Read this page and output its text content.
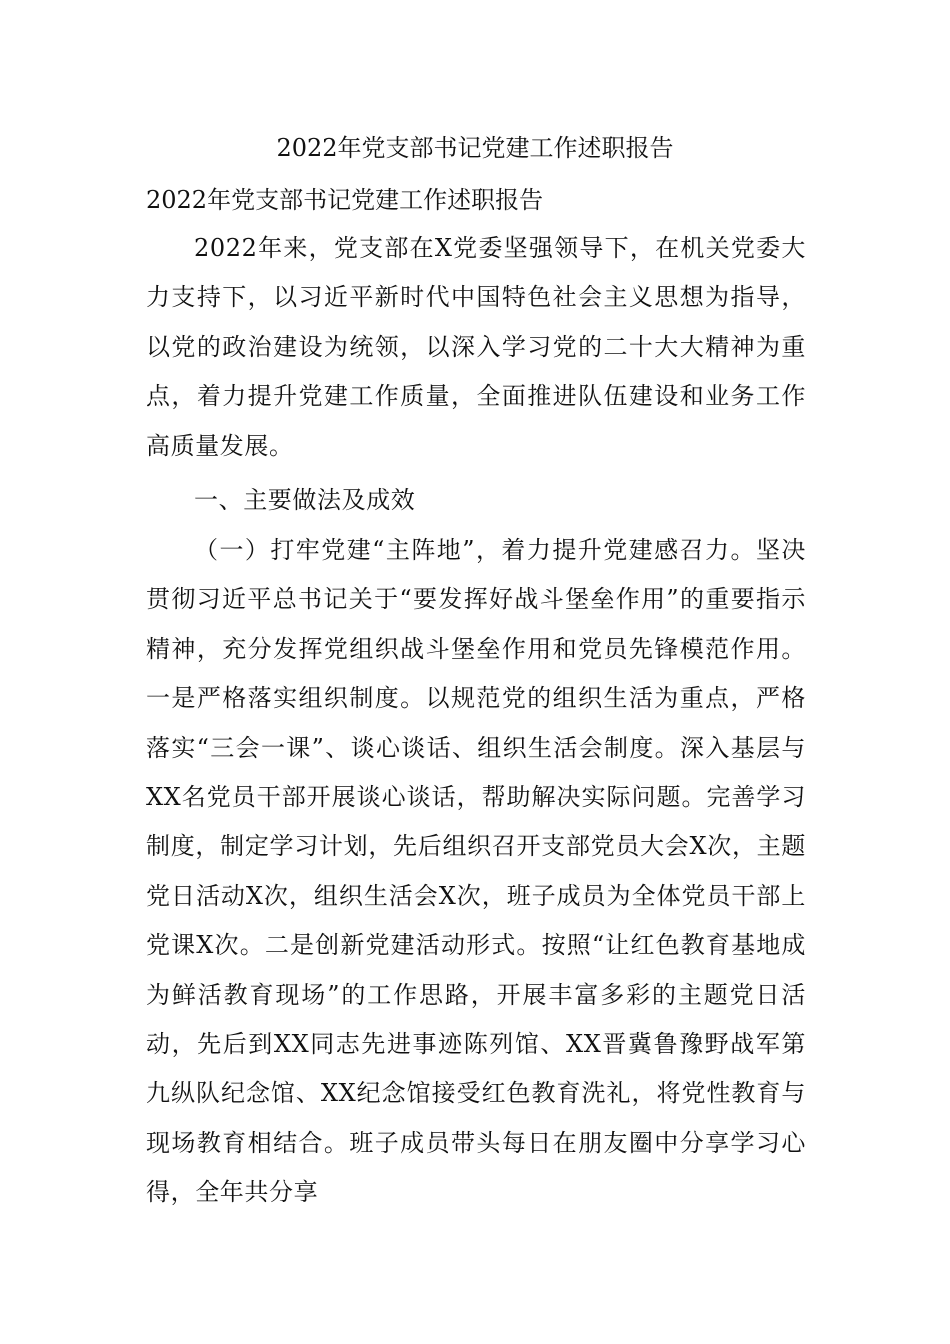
2022年党支部书记党建工作述职报告
2022年党支部书记党建工作述职报告

2022年来，党支部在X党委坚强领导下，在机关党委大力支持下，以习近平新时代中国特色社会主义思想为指导，以党的政治建设为统领，以深入学习党的二十大大精神为重点，着力提升党建工作质量，全面推进队伍建设和业务工作高质量发展。

一、主要做法及成效

（一）打牢党建“主阵地”，着力提升党建感召力。坚决贯彻习近平总书记关于“要发挥好战斗堡垒作用”的重要指示精神，充分发挥党组织战斗堡垒作用和党员先锋模范作用。一是严格落实组织制度。以规范党的组织生活为重点，严格落实“三会一课”、谈心谈话、组织生活会制度。深入基层与XX名党员干部开展谈心谈话，帮助解决实际问题。完善学习制度，制定学习计划，先后组织召开支部党员大会X次，主题党日活动X次，组织生活会X次，班子成员为全体党员干部上党课X次。二是创新党建活动形式。按照“让红色教育基地成为鲜活教育现场”的工作思路，开展丰富多彩的主题党日活动，先后到XX同志先进事迹陈列馆、XX晋冀鲁豫野战军第九纵队纪念馆、XX纪念馆接受红色教育洗礼，将党性教育与现场教育相结合。班子成员带头每日在朋友圈中分享学习心得，全年共分享
